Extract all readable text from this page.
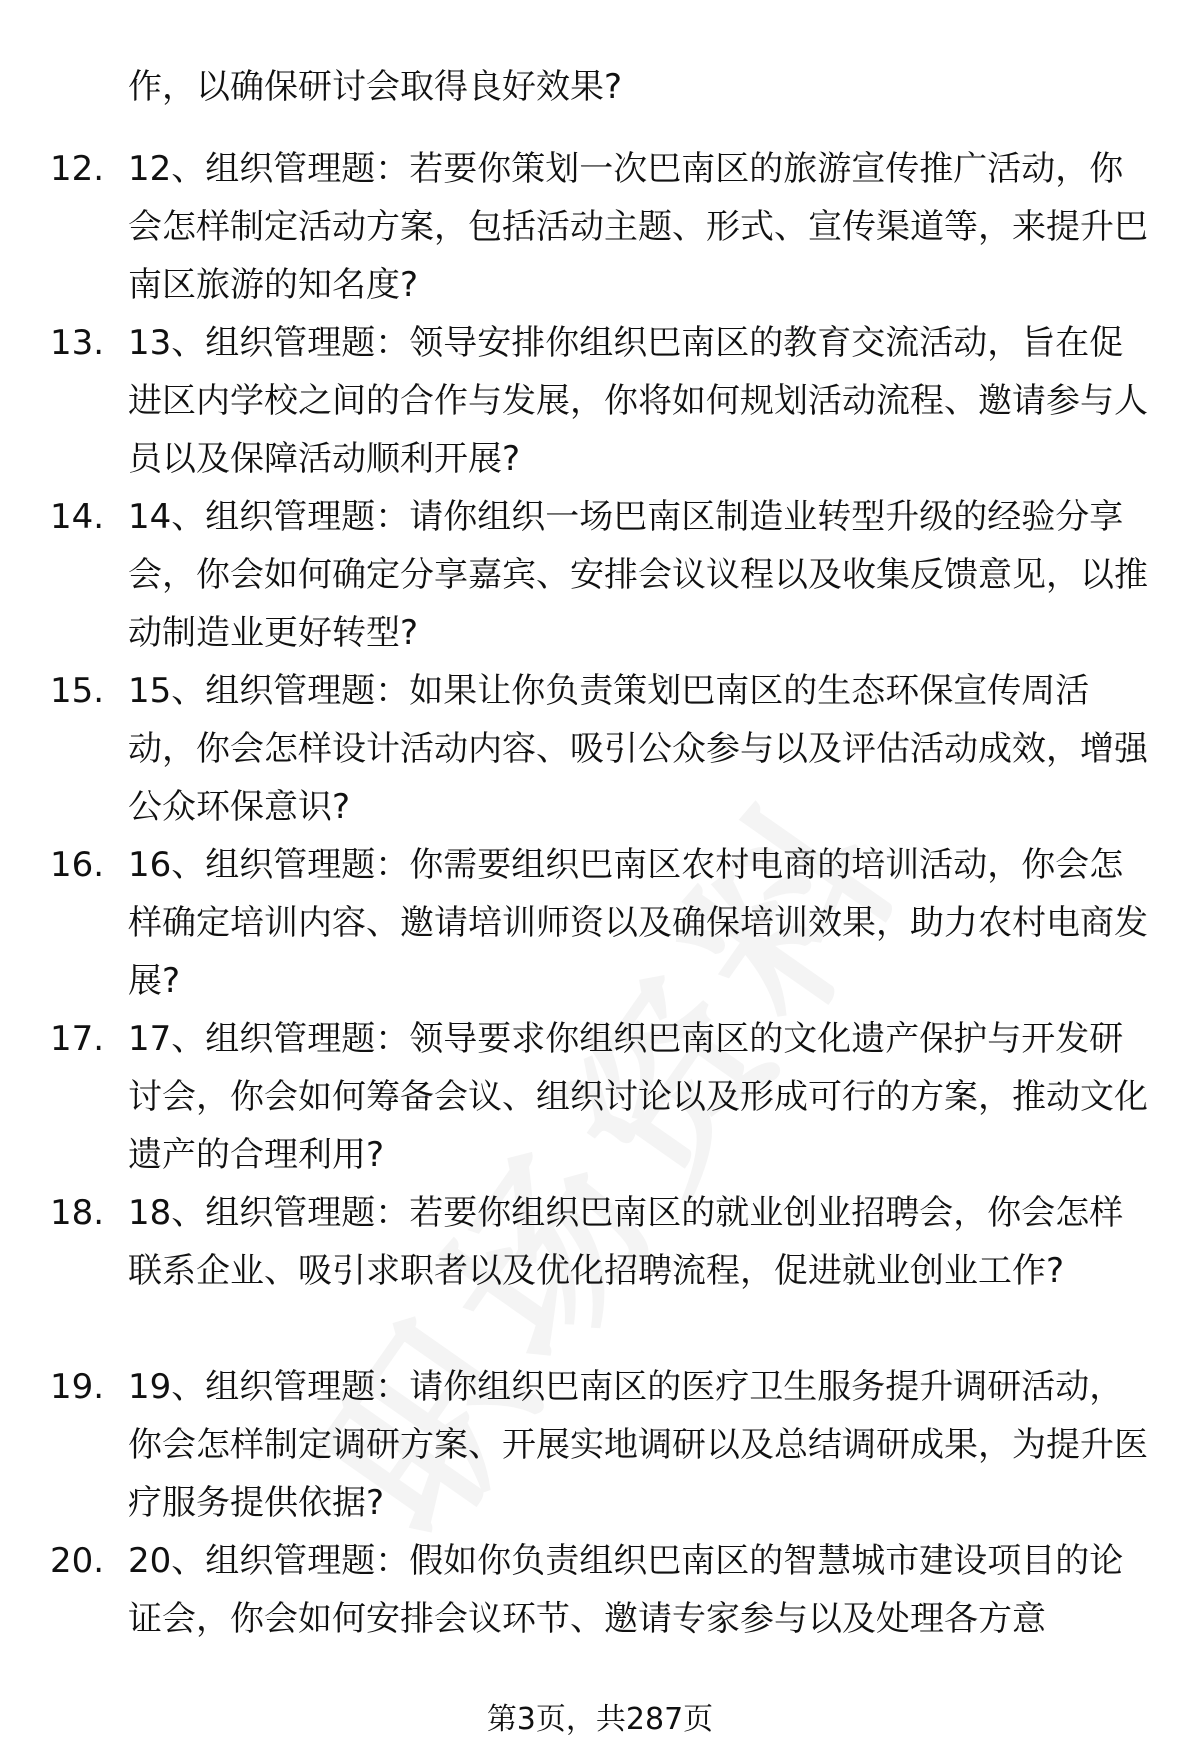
作，以确保研讨会取得良好效果?

12. 12、组织管理题：若要你策划一次巴南区的旅游宣传推广活动，你会怎样制定活动方案，包括活动主题、形式、宣传渠道等，来提升巴南区旅游的知名度?

13. 13、组织管理题：领导安排你组织巴南区的教育交流活动，旨在促进区内学校之间的合作与发展，你将如何规划活动流程、邀请参与人员以及保障活动顺利开展?

14. 14、组织管理题：请你组织一场巴南区制造业转型升级的经验分享会，你会如何确定分享嘉宾、安排会议议程以及收集反馈意见，以推动制造业更好转型?

15. 15、组织管理题：如果让你负责策划巴南区的生态环保宣传周活动，你会怎样设计活动内容、吸引公众参与以及评估活动成效，增强公众环保意识?

16. 16、组织管理题：你需要组织巴南区农村电商的培训活动，你会怎样确定培训内容、邀请培训师资以及确保培训效果，助力农村电商发展?

17. 17、组织管理题：领导要求你组织巴南区的文化遗产保护与开发研讨会，你会如何筹备会议、组织讨论以及形成可行的方案，推动文化遗产的合理利用?

18. 18、组织管理题：若要你组织巴南区的就业创业招聘会，你会怎样联系企业、吸引求职者以及优化招聘流程，促进就业创业工作?

19. 19、组织管理题：请你组织巴南区的医疗卫生服务提升调研活动，你会怎样制定调研方案、开展实地调研以及总结调研成果，为提升医疗服务提供依据?

20. 20、组织管理题：假如你负责组织巴南区的智慧城市建设项目的论证会，你会如何安排会议环节、邀请专家参与以及处理各方意

第3页，共287页
